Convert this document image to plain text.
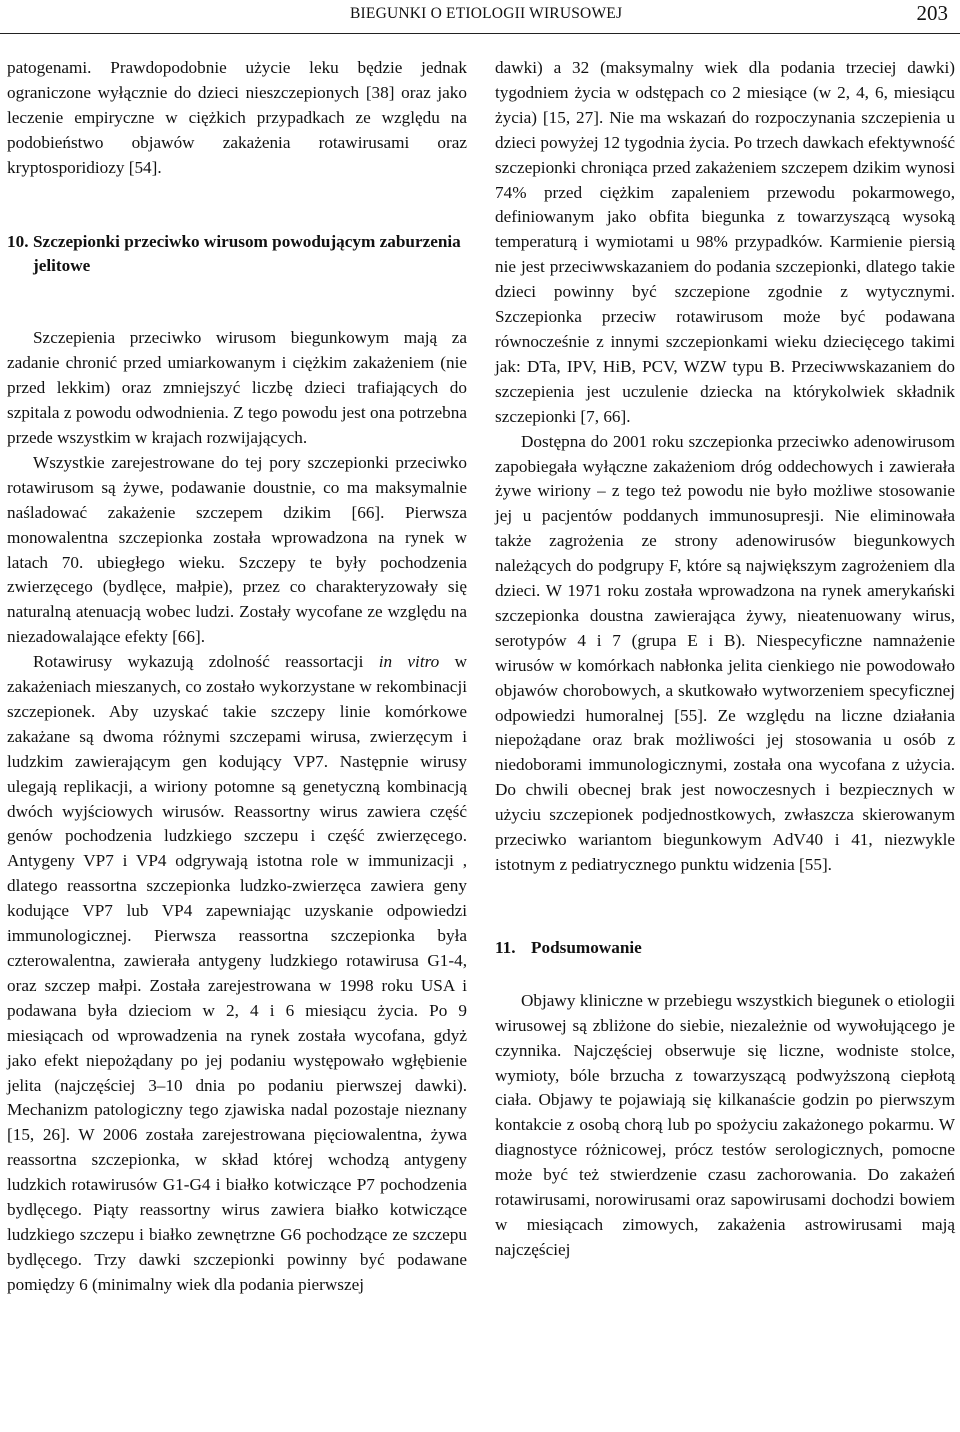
BIEGUNKI O ETIOLOGII WIRUSOWEJ	203

patogenami. Prawdopodobnie użycie leku będzie jednak ograniczone wyłącznie do dzieci nieszczepionych [38] oraz jako leczenie empiryczne w ciężkich przypadkach ze względu na podobieństwo objawów zakażenia rotawirusami oraz kryptosporidiozy [54].

10. Szczepionki przeciwko wirusom powodującym zaburzenia jelitowe

Szczepienia przeciwko wirusom biegunkowym mają za zadanie chronić przed umiarkowanym i ciężkim zakażeniem (nie przed lekkim) oraz zmniejszyć liczbę dzieci trafiających do szpitala z powodu odwodnienia. Z tego powodu jest ona potrzebna przede wszystkim w krajach rozwijających.

Wszystkie zarejestrowane do tej pory szczepionki przeciwko rotawirusom są żywe, podawanie doustnie, co ma maksymalnie naśladować zakażenie szczepem dzikim [66]. Pierwsza monowalentna szczepionka została wprowadzona na rynek w latach 70. ubiegłego wieku. Szczepy te były pochodzenia zwierzęcego (bydlęce, małpie), przez co charakteryzowały się naturalną atenuacją wobec ludzi. Zostały wycofane ze względu na niezadowalające efekty [66].

Rotawirusy wykazują zdolność reassortacji in vitro w zakażeniach mieszanych, co zostało wykorzystane w rekombinacji szczepionek. Aby uzyskać takie szczepy linie komórkowe zakażane są dwoma różnymi szczepami wirusa, zwierzęcym i ludzkim zawierającym gen kodujący VP7. Następnie wirusy ulegają replikacji, a wiriony potomne są genetyczną kombinacją dwóch wyjściowych wirusów. Reassortny wirus zawiera część genów pochodzenia ludzkiego szczepu i część zwierzęcego. Antygeny VP7 i VP4 odgrywają istotna role w immunizacji , dlatego reassortna szczepionka ludzko-zwierzęca zawiera geny kodujące VP7 lub VP4 zapewniając uzyskanie odpowiedzi immunologicznej. Pierwsza reassortna szczepionka była czterowalentna, zawierała antygeny ludzkiego rotawirusa G1-4, oraz szczep małpi. Została zarejestrowana w 1998 roku USA i podawana była dzieciom w 2, 4 i 6 miesiącu życia. Po 9 miesiącach od wprowadzenia na rynek została wycofana, gdyż jako efekt niepożądany po jej podaniu występowało wgłębienie jelita (najczęściej 3–10 dnia po podaniu pierwszej dawki). Mechanizm patologiczny tego zjawiska nadal pozostaje nieznany [15, 26]. W 2006 została zarejestrowana pięciowalentna, żywa reassortna szczepionka, w skład której wchodzą antygeny ludzkich rotawirusów G1-G4 i białko kotwiczące P7 pochodzenia bydlęcego. Piąty reassortny wirus zawiera białko kotwiczące ludzkiego szczepu i białko zewnętrzne G6 pochodzące ze szczepu bydlęcego. Trzy dawki szczepionki powinny być podawane pomiędzy 6 (minimalny wiek dla podania pierwszej

dawki) a 32 (maksymalny wiek dla podania trzeciej dawki) tygodniem życia w odstępach co 2 miesiące (w 2, 4, 6, miesiącu życia) [15, 27]. Nie ma wskazań do rozpoczynania szczepienia u dzieci powyżej 12 tygodnia życia. Po trzech dawkach efektywność szczepionki chroniąca przed zakażeniem szczepem dzikim wynosi 74% przed ciężkim zapaleniem przewodu pokarmowego, definiowanym jako obfita biegunka z towarzyszącą wysoką temperaturą i wymiotami u 98% przypadków. Karmienie piersią nie jest przeciwwskazaniem do podania szczepionki, dlatego takie dzieci powinny być szczepione zgodnie z wytycznymi. Szczepionka przeciw rotawirusom może być podawana równocześnie z innymi szczepionkami wieku dziecięcego takimi jak: DTa, IPV, HiB, PCV, WZW typu B. Przeciwwskazaniem do szczepienia jest uczulenie dziecka na którykolwiek składnik szczepionki [7, 66].

Dostępna do 2001 roku szczepionka przeciwko adenowirusom zapobiegała wyłączne zakażeniom dróg oddechowych i zawierała żywe wiriony – z tego też powodu nie było możliwe stosowanie jej u pacjentów poddanych immunosupresji. Nie eliminowała także zagrożenia ze strony adenowirusów biegunkowych należących do podgrupy F, które są największym zagrożeniem dla dzieci. W 1971 roku została wprowadzona na rynek amerykański szczepionka doustna zawierająca żywy, nieatenuowany wirus, serotypów 4 i 7 (grupa E i B). Niespecyficzne namnażenie wirusów w komórkach nabłonka jelita cienkiego nie powodowało objawów chorobowych, a skutkowało wytworzeniem specyficznej odpowiedzi humoralnej [55]. Ze względu na liczne działania niepożądane oraz brak możliwości jej stosowania u osób z niedoborami immunologicznymi, została ona wycofana z użycia. Do chwili obecnej brak jest nowoczesnych i bezpiecznych w użyciu szczepionek podjednostkowych, zwłaszcza skierowanym przeciwko wariantom biegunkowym AdV40 i 41, niezwykle istotnym z pediatrycznego punktu widzenia [55].

11. Podsumowanie

Objawy kliniczne w przebiegu wszystkich biegunek o etiologii wirusowej są zbliżone do siebie, niezależnie od wywołującego je czynnika. Najczęściej obserwuje się liczne, wodniste stolce, wymioty, bóle brzucha z towarzyszącą podwyższoną ciepłotą ciała. Objawy te pojawiają się kilkanaście godzin po pierwszym kontakcie z osobą chorą lub po spożyciu zakażonego pokarmu. W diagnostyce różnicowej, prócz testów serologicznych, pomocne może być też stwierdzenie czasu zachorowania. Do zakażeń rotawirusami, norowirusami oraz sapowirusami dochodzi bowiem w miesiącach zimowych, zakażenia astrowirusami mają najczęściej
